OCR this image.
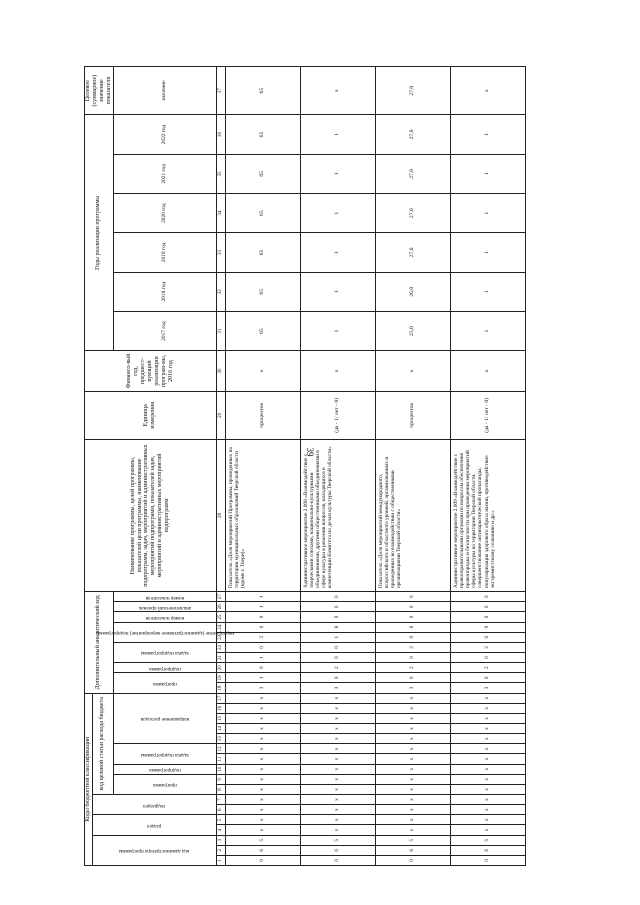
39
Коды бюджетной классификации																	Дополнительный аналитический код										Наименование программы, целей программы, показателей цели программы, наименование подпрограмм, задач, мероприятий и административных мероприятий подпрограмм, показателей задач, мероприятий и административных мероприятий подпрограмм	Единица измерения	Финансо-вый год, предшест-вующий реализации програм-мы, 2016 год	Годы реализации программы						Целевое (суммарное) значение показателя

код администратора программы			раздел		подраздел		код целевой статьи расхода бюджета																													

							программа		подпрограмма	задача подпрограммы		направление расходов					программа		подпрограмма	задача подпрограммы		мероприятие (административное мероприятие) подпрограммы		номер показателя	аналитический признак	номер показателя				2017 год	2018 год	2019 год	2020 год	2021 год	2022 год	значение
1	2	3	4	5	6	7	8	9	10	11	12	13	14	15	16	17	18	19	20	21	22	23	24	25	26	27	28	29	30	31	32	33	34	35	36	37
0	6	5	х	х	х	х	х	х	х	х	х	х	х	х	х	х	3	1	0	1	0	2	0	0	1	1	Показатель «Доля мероприятий Программы, проведенных на территории муниципальных образований Тверской области (кроме г. Твери)»	процентов	х	65	65	65	65	65	65	65
0	6	5	х	х	х	х	х	х	х	х	х	х	х	х	х	х	3	0	2	0	0	1	8	0	0	0	Административное мероприятие 2.008 «Взаимодействие с творческими союзами, национально-культурными объединениями, другими общественными объединениями в сфере культуры в решении вопросов, находящихся в компетенции Комитета по делам культуры Тверской области»	(да - 1/ нет - 0)	х	1	1	1	1	1	1	х
0	6	5	х	х	х	х	х	х	х	х	х	х	х	х	х	х	3	0	2	0	2	0	8	0	0	0	Показатель «Доля мероприятий международного, всероссийского и областного уровней, организованных и проведенных во взаимодействии с общественными организациями Тверской области»	процентов	х	25,0	26,0	27,0	27,0	27,0	27,0	27,0
0	6	5	х	х	х	х	х	х	х	х	х	х	х	х	х	х	3	0	2	0	2	0	9	0	0	0	Административное мероприятие 2.009 «Взаимодействие с правоохранительными органами по вопросам обеспечения правопорядка и безопасности при проведении мероприятий сферы культуры на территории Тверской области, совершенствование антинаркотической пропаганды, популяризация здорового образа жизни, противодействие экстремистскому сознанию и др.»	(да - 1/ нет - 0)	х	1	1	1	1	1	1	х
